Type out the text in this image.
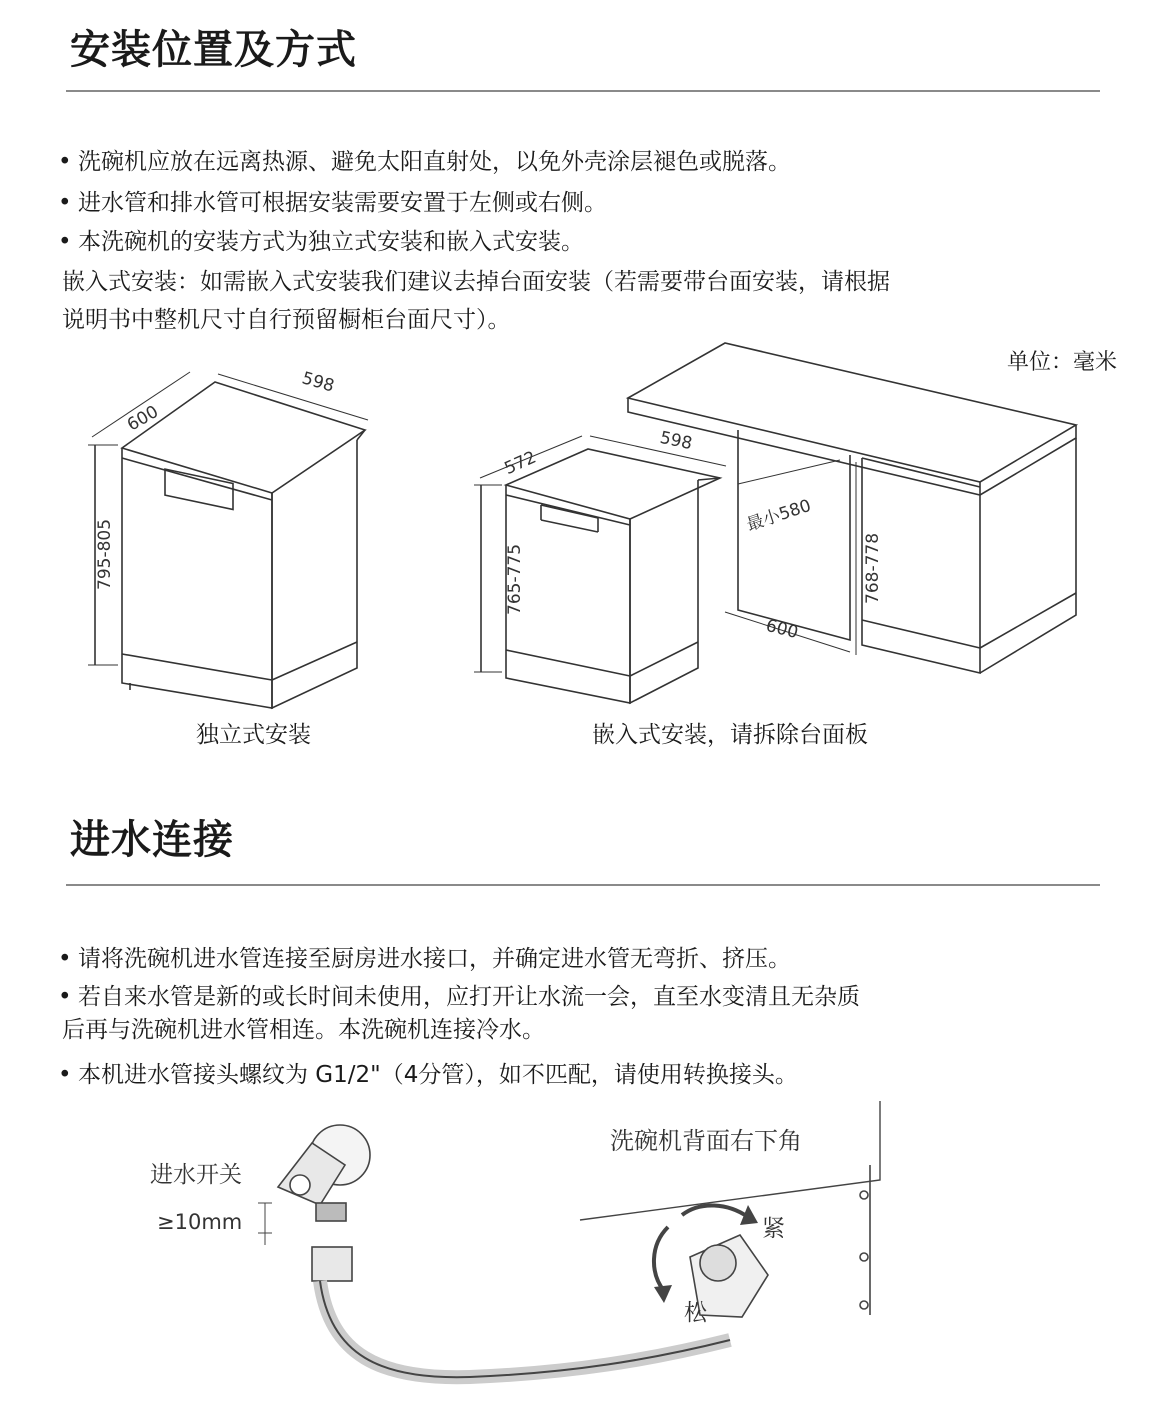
安装位置及方式
• 洗碗机应放在远离热源、避免太阳直射处，以免外壳涂层褪色或脱落。
• 进水管和排水管可根据安装需要安置于左侧或右侧。
• 本洗碗机的安装方式为独立式安装和嵌入式安装。
嵌入式安装：如需嵌入式安装我们建议去掉台面安装（若需要带台面安装，请根据
说明书中整机尺寸自行预留橱柜台面尺寸）。
单位：毫米
600
598
795-805
572
598
765-775
最小580
768-778
600
独立式安装	嵌入式安装，请拆除台面板
进水连接
• 请将洗碗机进水管连接至厨房进水接口，并确定进水管无弯折、挤压。
• 若自来水管是新的或长时间未使用，应打开让水流一会，直至水变清且无杂质
后再与洗碗机进水管相连。本洗碗机连接冷水。
• 本机进水管接头螺纹为 G1/2"（4分管），如不匹配，请使用转换接头。
进水开关
≥10mm
洗碗机背面右下角
紧
松
